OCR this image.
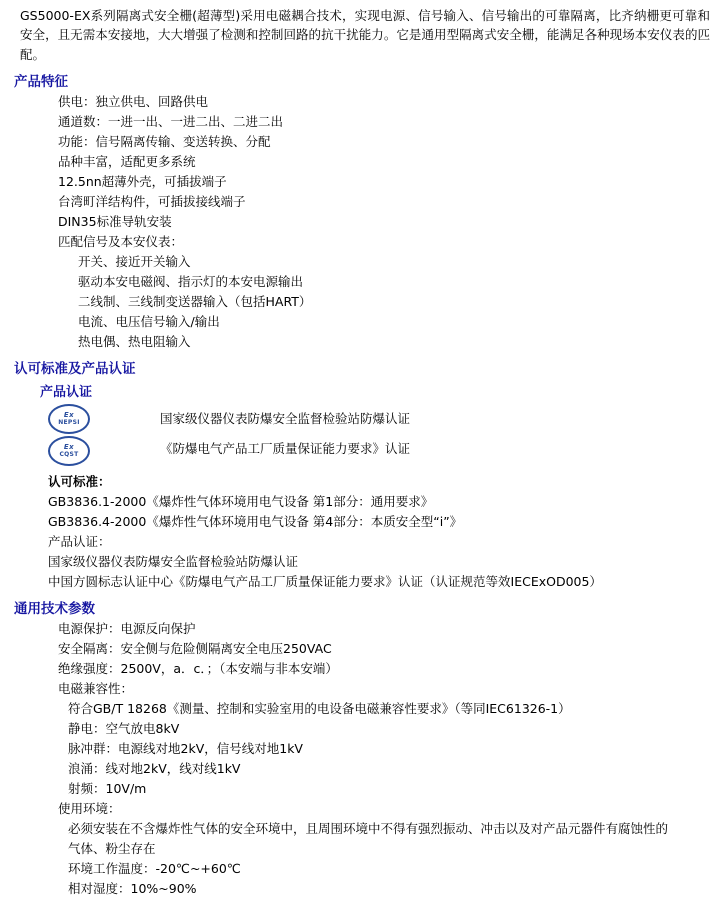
GS5000-EX系列隔离式安全栅(超薄型)采用电磁耦合技术，实现电源、信号输入、信号输出的可靠隔离，比齐纳栅更可靠和安全，且无需本安接地，大大增强了检测和控制回路的抗干扰能力。它是通用型隔离式安全栅，能满足各种现场本安仪表的匹配。

产品特征
供电：独立供电、回路供电
通道数：一进一出、一进二出、二进二出
功能：信号隔离传输、变送转换、分配
品种丰富，适配更多系统
12.5nn超薄外壳，可插拔端子
台湾町洋结构件，可插拔接线端子
DIN35标准导轨安装
匹配信号及本安仪表：
开关、接近开关输入
驱动本安电磁阀、指示灯的本安电源输出
二线制、三线制变送器输入（包括HART）
电流、电压信号输入/输出
热电偶、热电阻输入
认可标准及产品认证
产品认证
Ex
NEPSI
Ex
CQST
国家级仪器仪表防爆安全监督检验站防爆认证
《防爆电气产品工厂质量保证能力要求》认证
认可标准：
GB3836.1-2000《爆炸性气体环境用电气设备 第1部分：通用要求》
GB3836.4-2000《爆炸性气体环境用电气设备 第4部分：本质安全型“i”》
产品认证：
国家级仪器仪表防爆安全监督检验站防爆认证
中国方圆标志认证中心《防爆电气产品工厂质量保证能力要求》认证（认证规范等效IECExOD005）
通用技术参数
电源保护：电源反向保护
安全隔离：安全侧与危险侧隔离安全电压250VAC
绝缘强度：2500V，a．c．；（本安端与非本安端）
电磁兼容性：
符合GB/T 18268《测量、控制和实验室用的电设备电磁兼容性要求》（等同IEC61326-1）
静电：空气放电8kV
脉冲群：电源线对地2kV，信号线对地1kV
浪涌：线对地2kV，线对线1kV
射频：10V/m
使用环境：
必须安装在不含爆炸性气体的安全环境中，且周围环境中不得有强烈振动、冲击以及对产品元器件有腐蚀性的
气体、粉尘存在
环境工作温度：-20℃~+60℃
相对湿度：10%~90%
